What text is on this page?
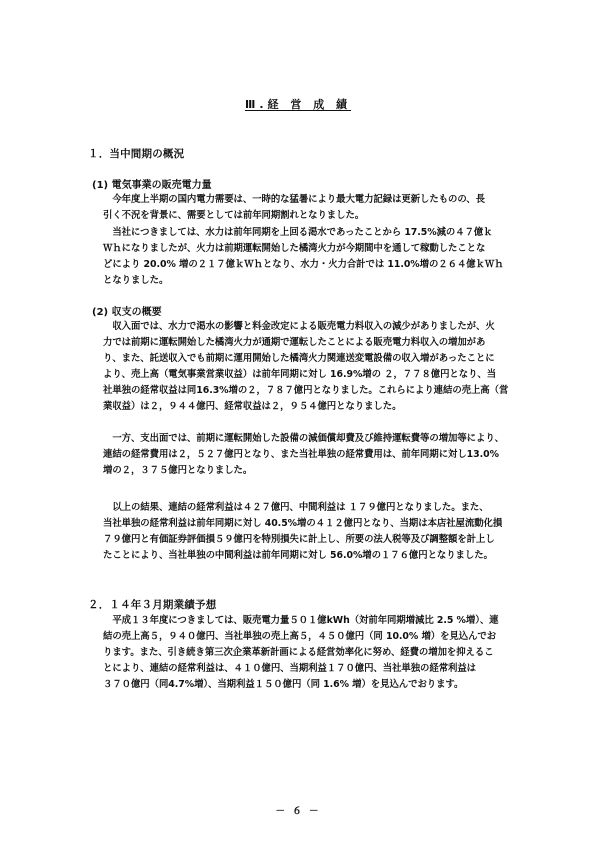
Ⅲ.経 営 成 績
１．当中間期の概況
(1) 電気事業の販売電力量

　今年度上半期の国内電力需要は、一時的な猛暑により最大電力記録は更新したものの、長
引く不況を背景に、需要としては前年同期割れとなりました。

　当社につきましては、水力は前年同期を上回る渇水であったことから 17.5%減の４７億ｋ
Ｗｈになりましたが、火力は前期運転開始した橘湾火力が今期間中を通して稼動したことな
どにより 20.0% 増の２１７億ｋＷｈとなり、水力・火力合計では 11.0%増の２６４億ｋＷｈ
となりました。

(2) 収支の概要

　収入面では、水力で渇水の影響と料金改定による販売電力料収入の減少がありましたが、火
力では前期に運転開始した橘湾火力が通期で運転したことによる販売電力料収入の増加があ
り、また、託送収入でも前期に運用開始した橘湾火力関連送変電設備の収入増があったことに
より、売上高（電気事業営業収益）は前年同期に対し 16.9%増の ２，７７８億円となり、当
社単独の経常収益は同16.3%増の２，７８７億円となりました。これらにより連結の売上高（営
業収益）は２，９４４億円、経常収益は２，９５４億円となりました。

　一方、支出面では、前期に運転開始した設備の減価償却費及び維持運転費等の増加等により、
連結の経常費用は２，５２７億円となり、また当社単独の経常費用は、前年同期に対し13.0%
増の２，３７５億円となりました。

　以上の結果、連結の経常利益は４２７億円、中間利益は １７９億円となりました。また、
当社単独の経常利益は前年同期に対し 40.5%増の４１２億円となり、当期は本店社屋流動化損
７９億円と有価証券評価損５９億円を特別損失に計上し、所要の法人税等及び調整額を計上し
たことにより、当社単独の中間利益は前年同期に対し 56.0%増の１７６億円となりました。

２．１４年３月期業績予想

　平成１３年度につきましては、販売電力量５０１億kWh（対前年同期増減比 2.5 %増）、連
結の売上高５，９４０億円、当社単独の売上高５，４５０億円（同 10.0% 増）を見込んでお
ります。また、引き続き第三次企業革新計画による経営効率化に努め、経費の増加を抑えるこ
とにより、連結の経常利益は、４１０億円、当期利益１７０億円、当社単独の経常利益は
３７０億円（同4.7%増）、当期利益１５０億円（同 1.6% 増）を見込んでおります。

－ ６ －
